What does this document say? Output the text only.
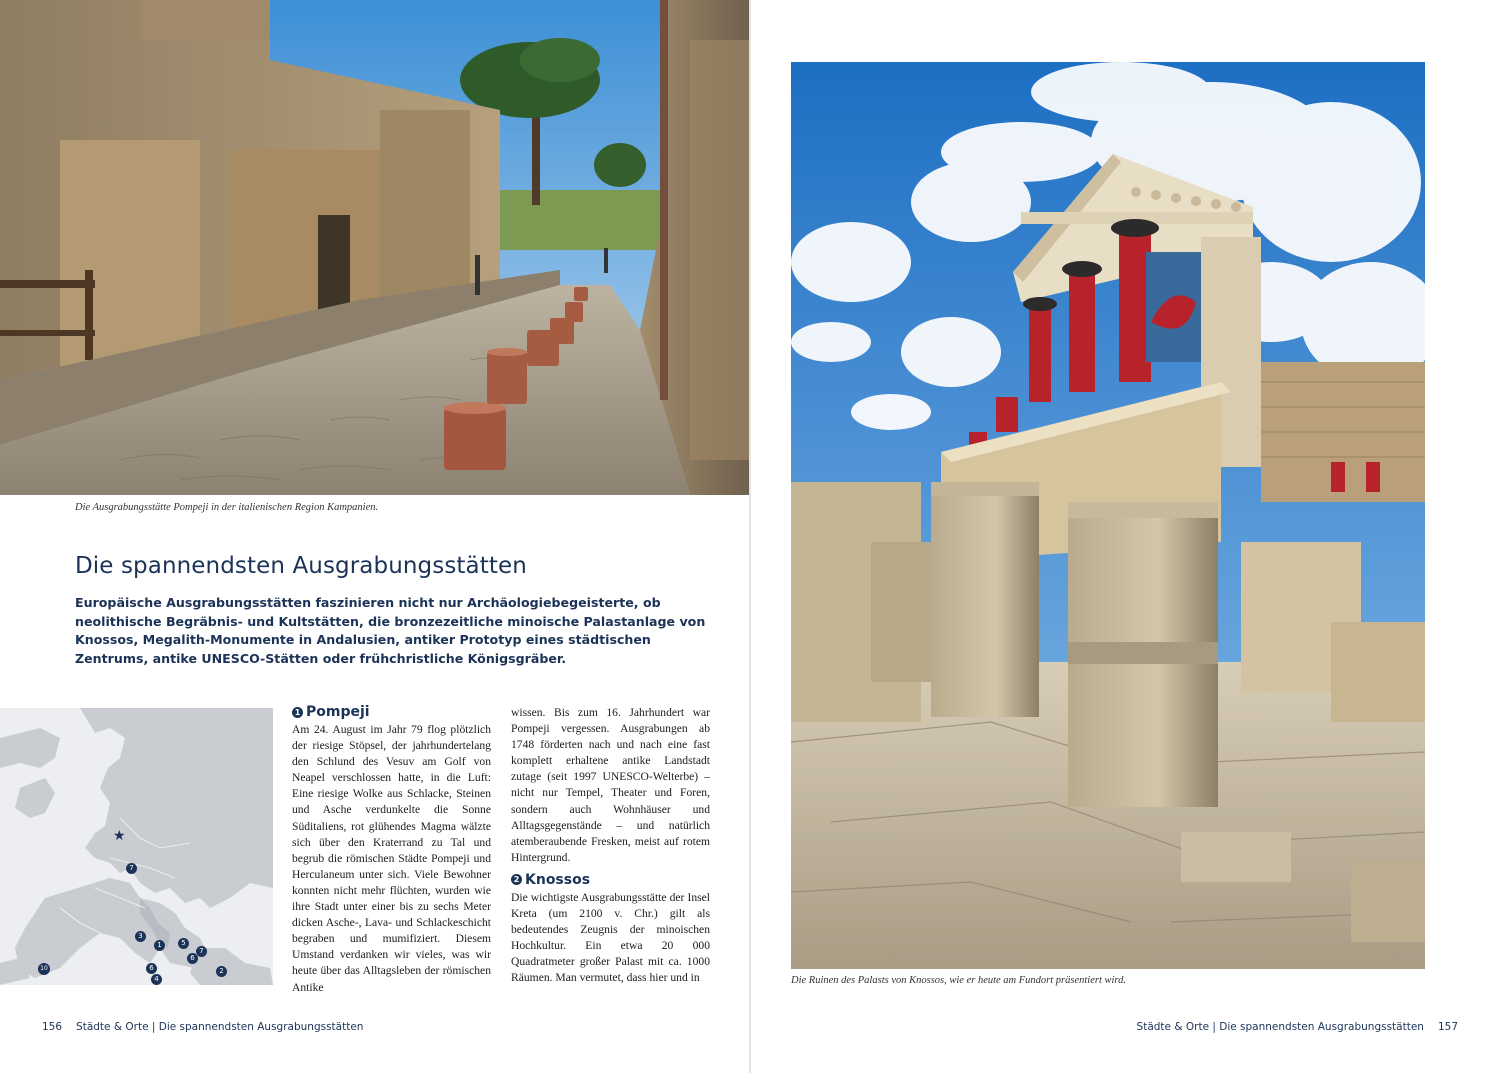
Die Ausgrabungsstätte Pompeji in der italienischen Region Kampanien.
Die spannendsten Ausgrabungsstätten
Europäische Ausgrabungsstätten faszinieren nicht nur Archäologiebegeisterte, ob neolithische Begräbnis- und Kultstätten, die bronzezeitliche minoische Palastanlage von Knossos, Megalith-Monumente in Andalusien, antiker Prototyp eines städtischen Zentrums, antike UNESCO-Stätten oder frühchristliche Königsgräber.
★
7
3
1	5
7
6
6
4
2
10
1 Pompeji

Am 24. August im Jahr 79 flog plötzlich der riesige Stöpsel, der jahrhundertelang den Schlund des Vesuv am Golf von Neapel verschlossen hatte, in die Luft: Eine riesige Wolke aus Schlacke, Steinen und Asche verdunkelte die Sonne Süditaliens, rot glühendes Magma wälzte sich über den Kraterrand zu Tal und begrub die römischen Städte Pompeji und Herculaneum unter sich. Viele Bewohner konnten nicht mehr flüchten, wurden wie ihre Stadt unter einer bis zu sechs Meter dicken Asche-, Lava- und Schlackeschicht begraben und mumifiziert. Diesem Umstand verdanken wir vieles, was wir heute über das Alltagsleben der römischen Antike

wissen. Bis zum 16. Jahrhundert war Pompeji vergessen. Ausgrabungen ab 1748 förderten nach und nach eine fast komplett erhaltene antike Landstadt zutage (seit 1997 UNESCO-Welterbe) – nicht nur Tempel, Theater und Foren, sondern auch Wohnhäuser und Alltagsgegenstände – und natürlich atemberaubende Fresken, meist auf rotem Hintergrund.

2 Knossos

Die wichtigste Ausgrabungsstätte der Insel Kreta (um 2100 v. Chr.) gilt als bedeutendes Zeugnis der minoischen Hochkultur. Ein etwa 20 000 Quadratmeter großer Palast mit ca. 1000 Räumen. Man vermutet, dass hier und in

156 Städte & Orte | Die spannendsten Ausgrabungsstätten	Städte & Orte | Die spannendsten Ausgrabungsstätten 157
Die Ruinen des Palasts von Knossos, wie er heute am Fundort präsentiert wird.
